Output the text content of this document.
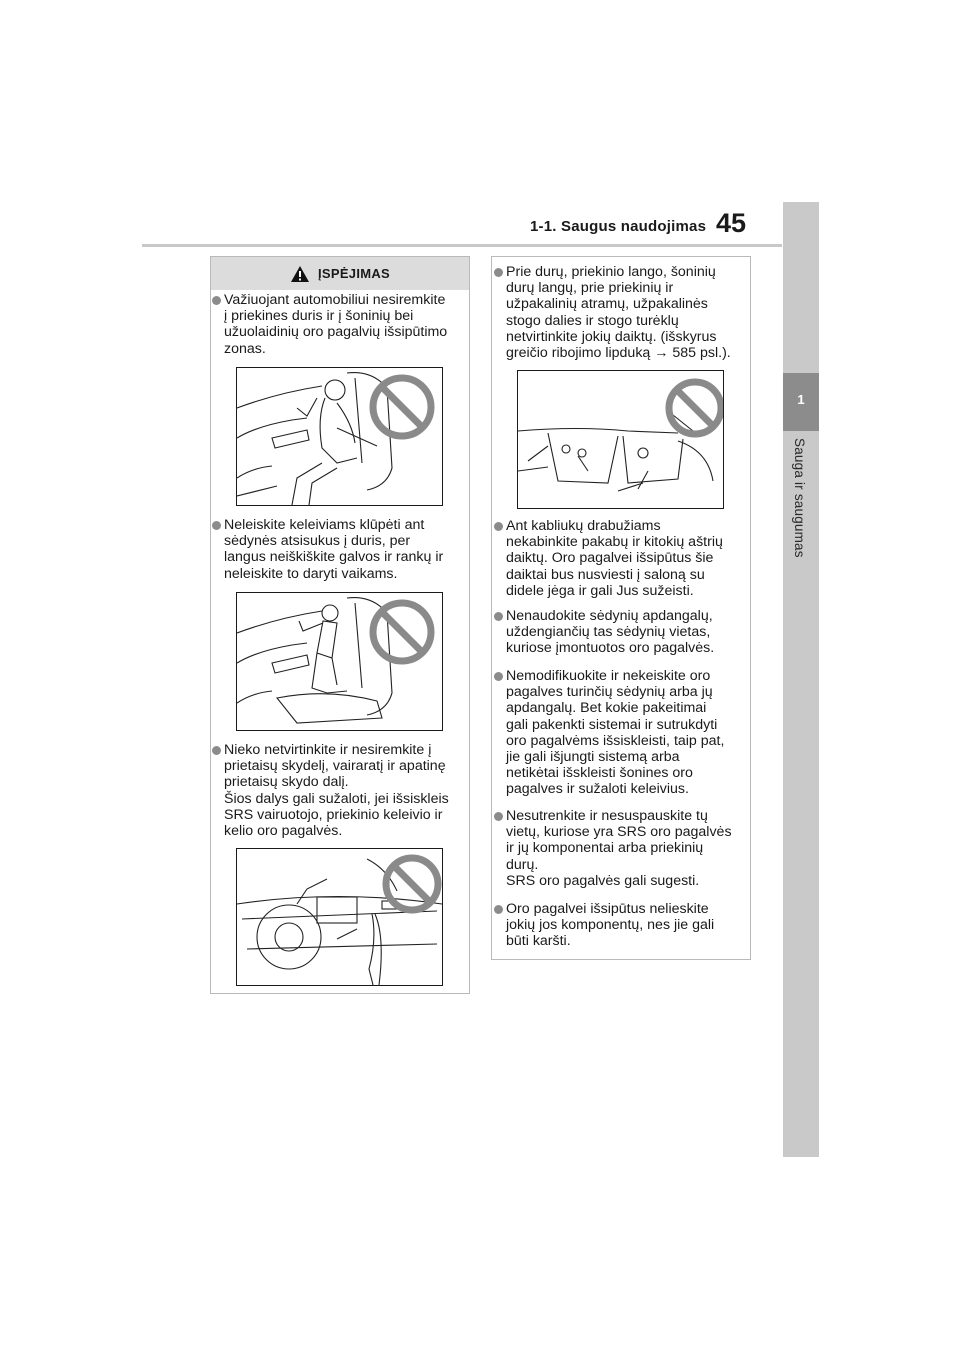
1-1. Saugus naudojimas 45
1
Sauga ir saugumas
ĮSPĖJIMAS
Važiuojant automobiliui nesiremkite
į priekines duris ir į šoninių bei
užuolaidinių oro pagalvių išsipūtimo
zonas.
Neleiskite keleiviams klūpėti ant
sėdynės atsisukus į duris, per
langus neiškiškite galvos ir rankų ir
neleiskite to daryti vaikams.
Nieko netvirtinkite ir nesiremkite į
prietaisų skydelį, vairaratį ir apatinę
prietaisų skydo dalį.
Šios dalys gali sužaloti, jei išsiskleis
SRS vairuotojo, priekinio keleivio ir
kelio oro pagalvės.
Prie durų, priekinio lango, šoninių
durų langų, prie priekinių ir
užpakalinių atramų, užpakalinės
stogo dalies ir stogo turėklų
netvirtinkite jokių daiktų. (išskyrus
greičio ribojimo lipduką → 585 psl.).
Ant kabliukų drabužiams
nekabinkite pakabų ir kitokių aštrių
daiktų. Oro pagalvei išsipūtus šie
daiktai bus nusviesti į saloną su
didele jėga ir gali Jus sužeisti.
Nenaudokite sėdynių apdangalų,
uždengiančių tas sėdynių vietas,
kuriose įmontuotos oro pagalvės.
Nemodifikuokite ir nekeiskite oro
pagalves turinčių sėdynių arba jų
apdangalų. Bet kokie pakeitimai
gali pakenkti sistemai ir sutrukdyti
oro pagalvėms išsiskleisti, taip pat,
jie gali išjungti sistemą arba
netikėtai išskleisti šonines oro
pagalves ir sužaloti keleivius.
Nesutrenkite ir nesuspauskite tų
vietų, kuriose yra SRS oro pagalvės
ir jų komponentai arba priekinių
durų.
SRS oro pagalvės gali sugesti.
Oro pagalvei išsipūtus nelieskite
jokių jos komponentų, nes jie gali
būti karšti.
